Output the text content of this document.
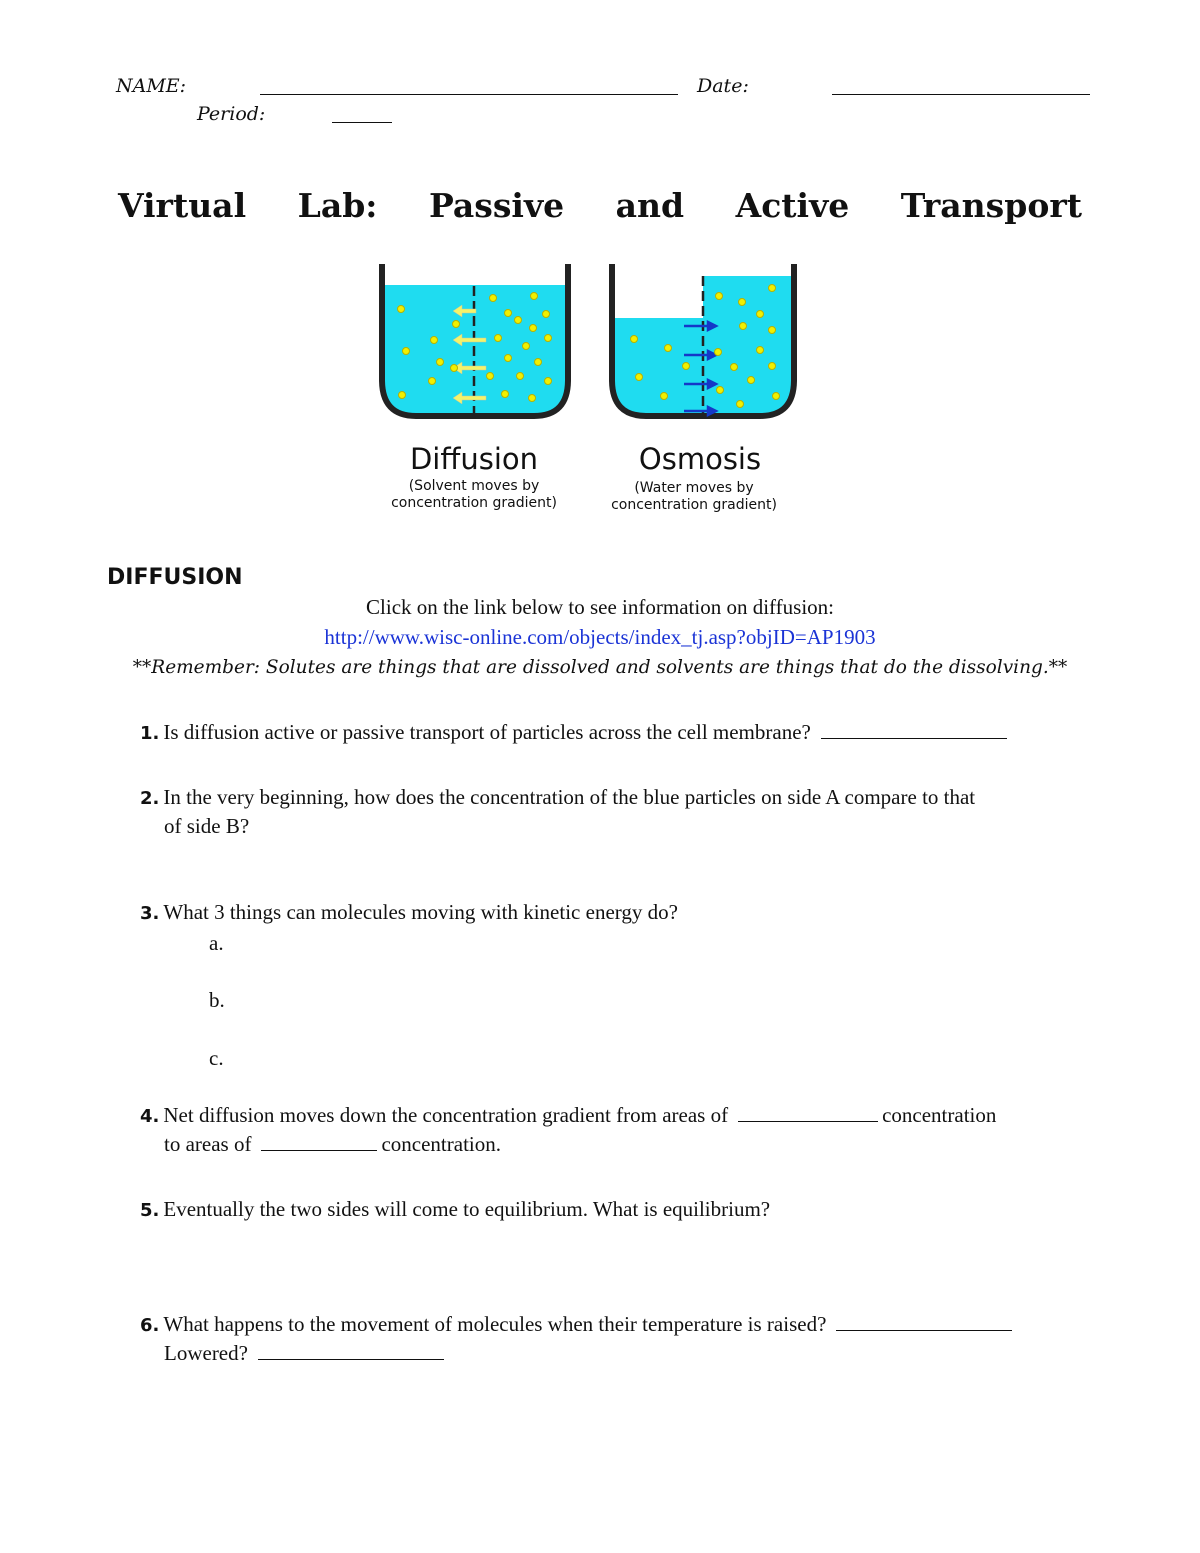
NAME:	Date:
Period:
Virtual Lab: Passive and Active Transport
Diffusion
(Solvent moves by
concentration gradient)
Osmosis
(Water moves by
concentration gradient)
DIFFUSION
Click on the link below to see information on diffusion:
http://www.wisc-online.com/objects/index_tj.asp?objID=AP1903
**Remember: Solutes are things that are dissolved and solvents are things that do the dissolving.**
1. Is diffusion active or passive transport of particles across the cell membrane?
2. In the very beginning, how does the concentration of the blue particles on side A compare to that
of side B?
3. What 3 things can molecules moving with kinetic energy do?
a.
b.
c.
4. Net diffusion moves down the concentration gradient from areas of	concentration
to areas of	concentration.
5. Eventually the two sides will come to equilibrium. What is equilibrium?
6. What happens to the movement of molecules when their temperature is raised?
Lowered?
